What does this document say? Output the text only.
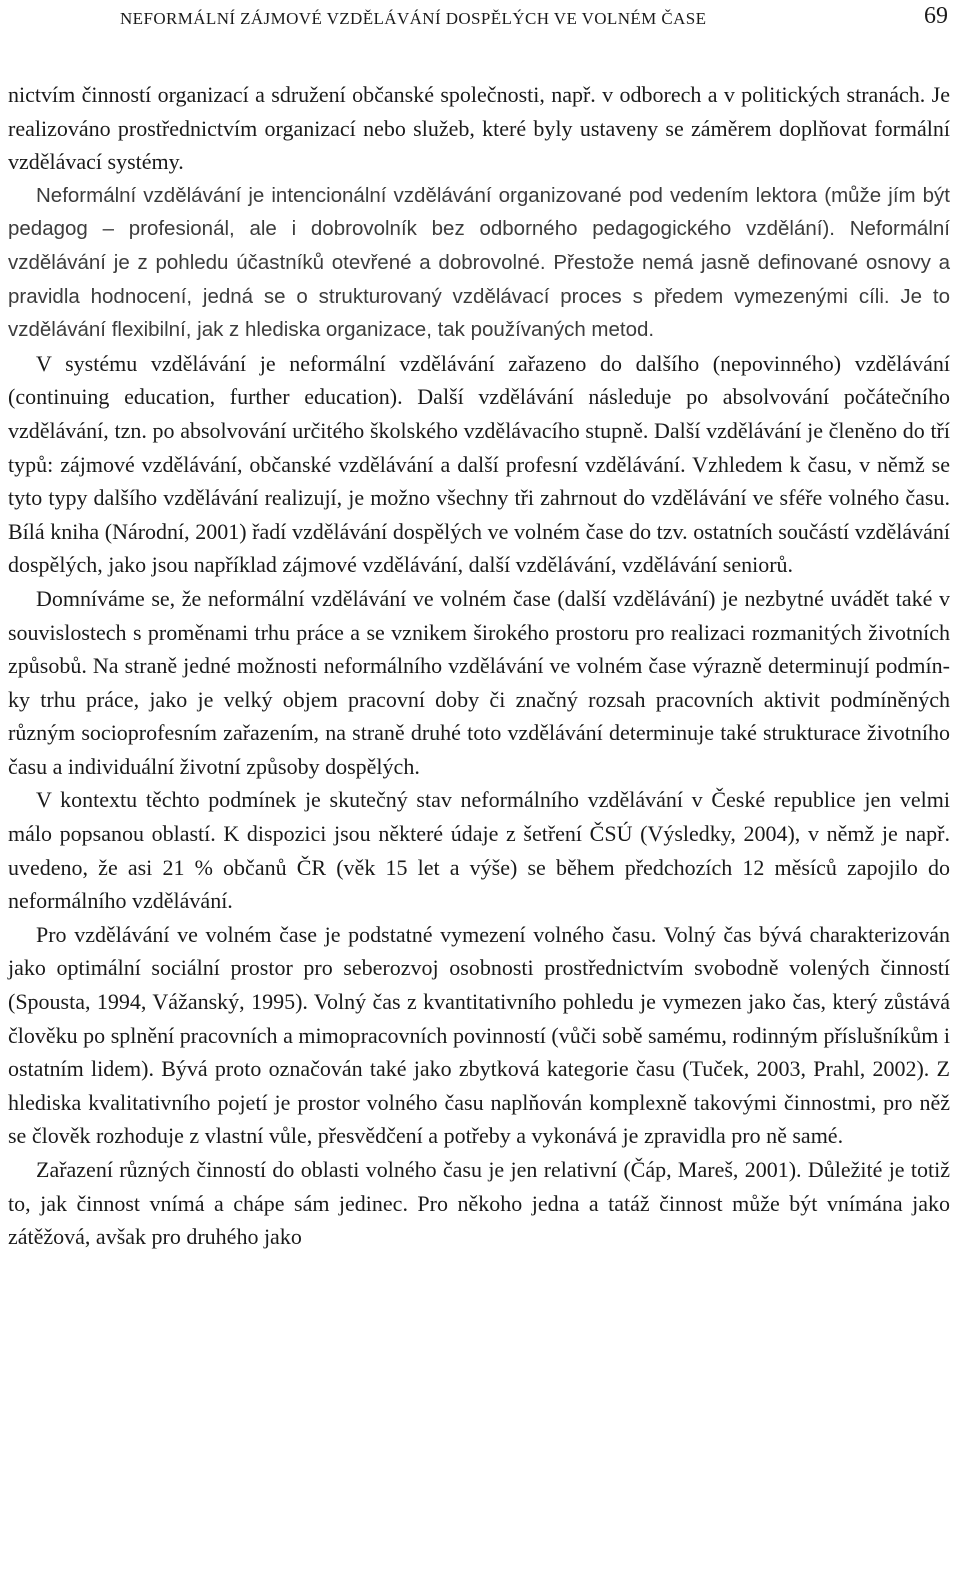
NEFORMÁLNÍ ZÁJMOVÉ VZDĚLÁVÁNÍ DOSPĚLÝCH VE VOLNÉM ČASE	69

nictvím činností organizací a sdružení občanské společnosti, např. v odborech a v politických stranách. Je realizováno prostřednictvím organizací nebo služeb, které byly ustaveny se záměrem doplňovat formální vzdělávací systémy.

Neformální vzdělávání je intencionální vzdělávání organizované pod vedením lektora (může jím být pedagog – profesionál, ale i dobrovolník bez odborného pedagogického vzdělání). Neformální vzdělávání je z pohledu účastníků otevřené a dobrovolné. Přestože nemá jasně definované osnovy a pravidla hodnocení, jedná se o strukturovaný vzdělávací proces s předem vymezenými cíli. Je to vzdělávání flexibilní, jak z hlediska organizace, tak používaných metod.

V systému vzdělávání je neformální vzdělávání zařazeno do dalšího (nepovinného) vzdělávání (continuing education, further education). Další vzdělávání následuje po absolvování počátečního vzdělávání, tzn. po absolvování určitého školského vzdělávacího stupně. Další vzdělávání je členěno do tří typů: zájmové vzdělávání, občanské vzdělávání a další profesní vzdělávání. Vzhledem k času, v němž se tyto typy dalšího vzdělávání realizují, je možno všechny tři zahrnout do vzdělávání ve sféře volného času. Bílá kniha (Národní, 2001) řadí vzdělávání dospělých ve volném čase do tzv. ostatních součástí vzdělávání dospělých, jako jsou například zájmové vzdělávání, další vzdělávání, vzdělávání seniorů.

Domníváme se, že neformální vzdělávání ve volném čase (další vzdělávání) je nezbytné uvádět také v souvislostech s proměnami trhu práce a se vznikem širokého prostoru pro realizaci rozmanitých životních způsobů. Na straně jedné možnosti neformálního vzdělávání ve volném čase výrazně determinují podmínky trhu práce, jako je velký objem pracovní doby či značný rozsah pracovních aktivit podmíněných různým socioprofesním zařazením, na straně druhé toto vzdělávání determinuje také strukturace životního času a individuální životní způsoby dospělých.

V kontextu těchto podmínek je skutečný stav neformálního vzdělávání v České republice jen velmi málo popsanou oblastí. K dispozici jsou některé údaje z šetření ČSÚ (Výsledky, 2004), v němž je např. uvedeno, že asi 21 % občanů ČR (věk 15 let a výše) se během předchozích 12 měsíců zapojilo do neformálního vzdělávání.

Pro vzdělávání ve volném čase je podstatné vymezení volného času. Volný čas bývá charakterizován jako optimální sociální prostor pro seberozvoj osobnosti prostřednictvím svobodně volených činností (Spousta, 1994, Vážanský, 1995). Volný čas z kvantitativního pohledu je vymezen jako čas, který zůstává člověku po splnění pracovních a mimopracovních povinností (vůči sobě samému, rodinným příslušníkům i ostatním lidem). Bývá proto označován také jako zbytková kategorie času (Tuček, 2003, Prahl, 2002). Z hlediska kvalitativního pojetí je prostor volného času naplňován komplexně takovými činnostmi, pro něž se člověk rozhoduje z vlastní vůle, přesvědčení a potřeby a vykonává je zpravidla pro ně samé.

Zařazení různých činností do oblasti volného času je jen relativní (Čáp, Mareš, 2001). Důležité je totiž to, jak činnost vnímá a chápe sám jedinec. Pro někoho jedna a tatáž činnost může být vnímána jako zátěžová, avšak pro druhého jako
